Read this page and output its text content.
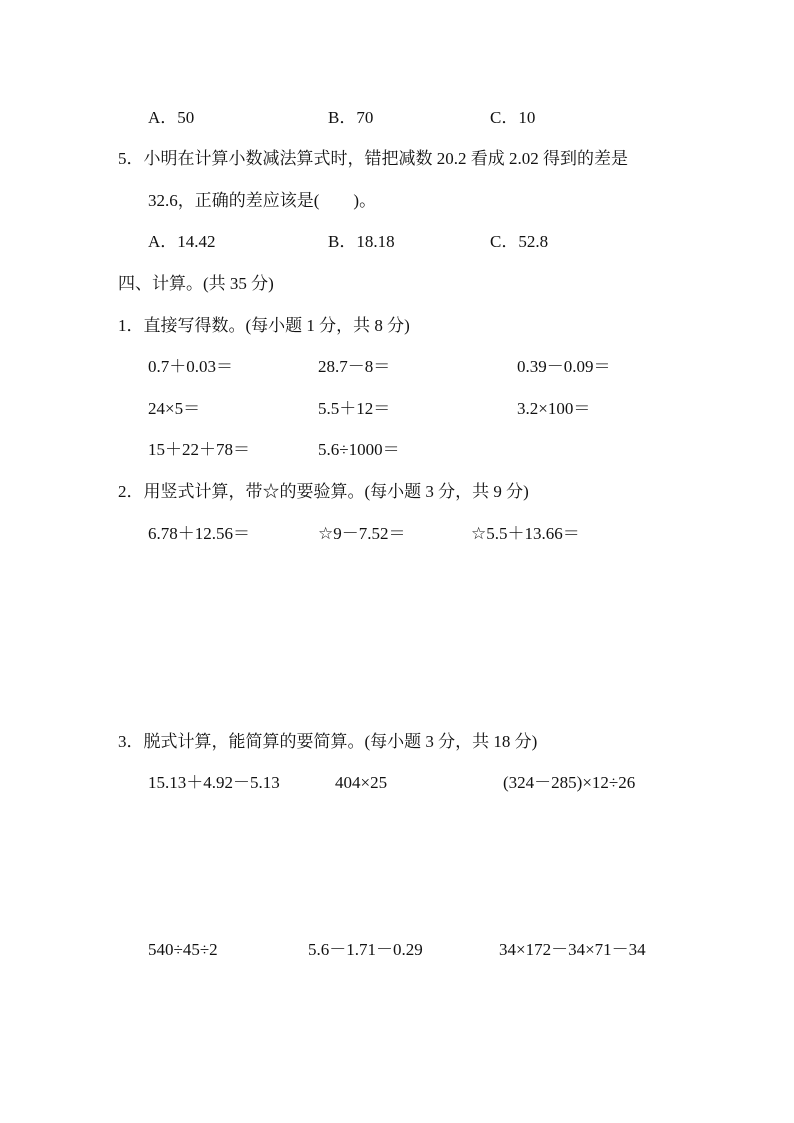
A．50	B．70	C．10
5．小明在计算小数减法算式时，错把减数 20.2 看成 2.02 得到的差是
32.6，正确的差应该是(　　)。
A．14.42	B．18.18	C．52.8
四、计算。(共 35 分)
1．直接写得数。(每小题 1 分，共 8 分)
0.7＋0.03＝	28.7－8＝	0.39－0.09＝
24×5＝	5.5＋12＝	3.2×100＝
15＋22＋78＝	5.6÷1000＝
2．用竖式计算，带☆的要验算。(每小题 3 分，共 9 分)
6.78＋12.56＝	☆9－7.52＝	☆5.5＋13.66＝
3．脱式计算，能简算的要简算。(每小题 3 分，共 18 分)
15.13＋4.92－5.13	404×25	(324－285)×12÷26
540÷45÷2	5.6－1.71－0.29	34×172－34×71－34
